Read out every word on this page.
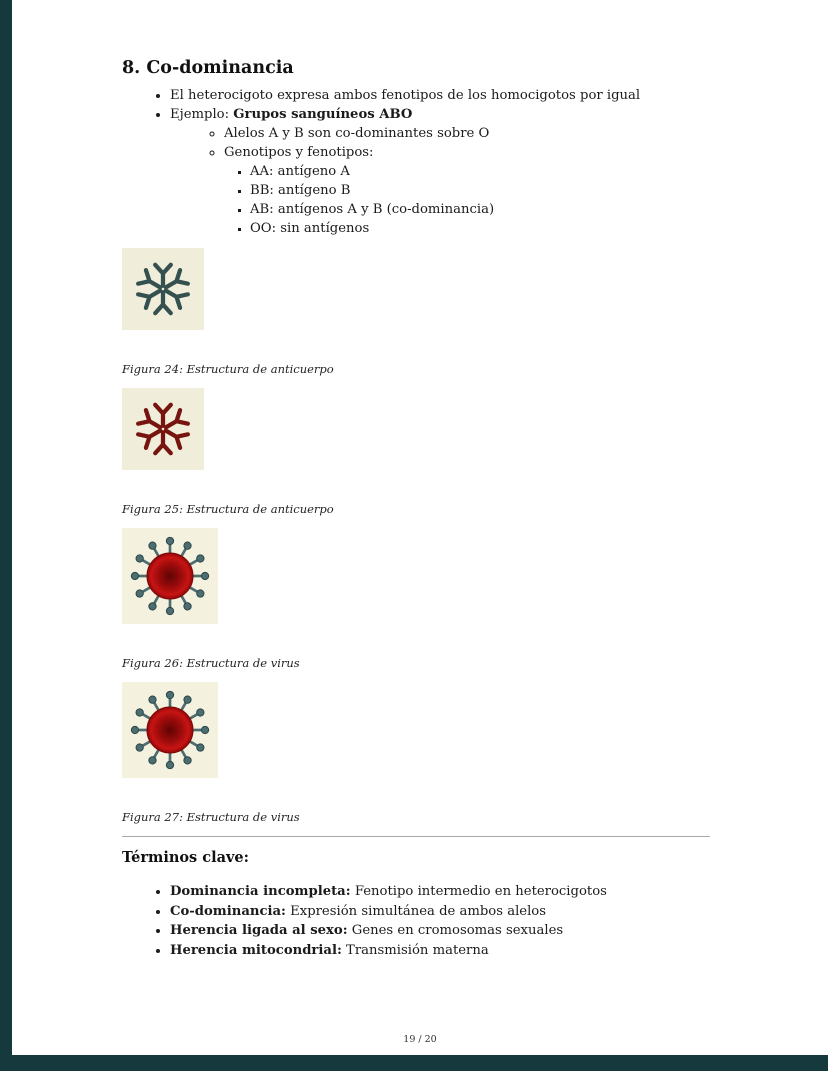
8. Co-dominancia
• El heterocigoto expresa ambos fenotipos de los homocigotos por igual
• Ejemplo: Grupos sanguíneos ABO
◦ Alelos A y B son co-dominantes sobre O
◦ Genotipos y fenotipos:
▪ AA: antígeno A
▪ BB: antígeno B
▪ AB: antígenos A y B (co-dominancia)
▪ OO: sin antígenos

Figura 24: Estructura de anticuerpo

Figura 25: Estructura de anticuerpo

Figura 26: Estructura de virus

Figura 27: Estructura de virus

Términos clave:
• Dominancia incompleta: Fenotipo intermedio en heterocigotos
• Co-dominancia: Expresión simultánea de ambos alelos
• Herencia ligada al sexo: Genes en cromosomas sexuales
• Herencia mitocondrial: Transmisión materna
19 / 20
